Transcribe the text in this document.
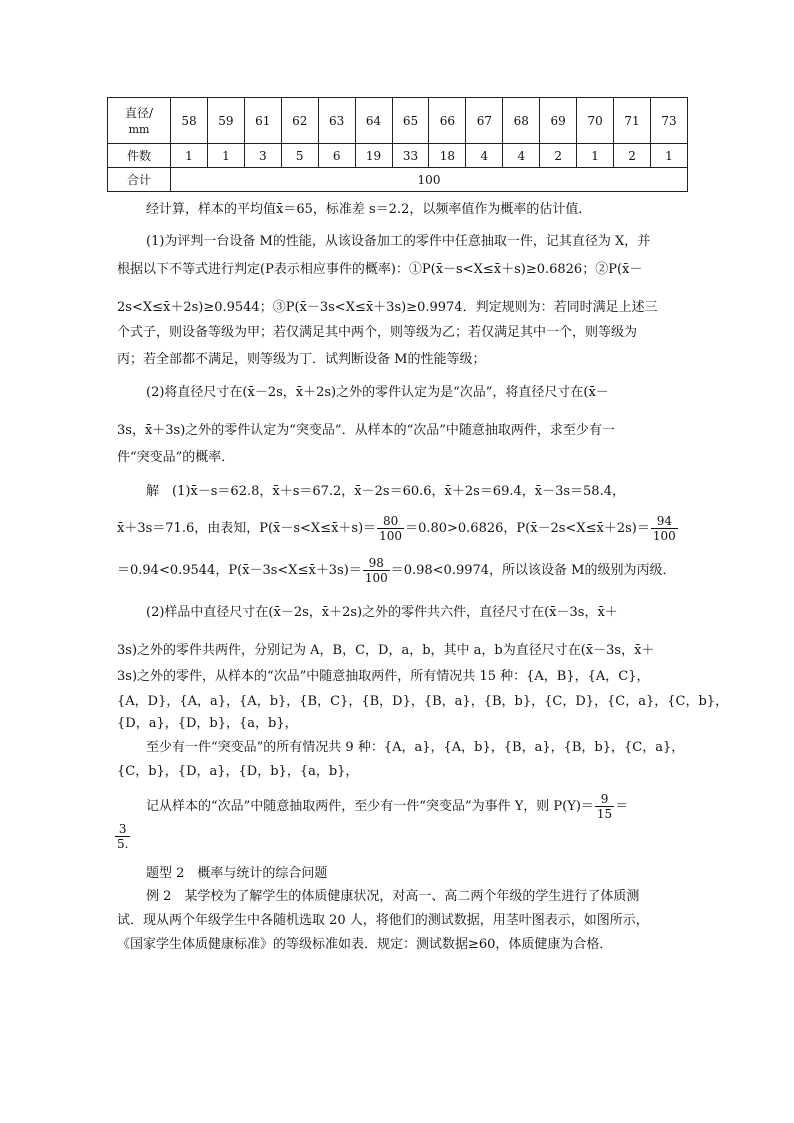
直径/
mm	58	59	61	62	63	64	65	66	67	68	69	70	71	73
件数	1	1	3	5	6	19	33	18	4	4	2	1	2	1
合计	100													
经计算，样本的平均值x̄＝65，标准差 s＝2.2，以频率值作为概率的估计值．
(1)为评判一台设备 M的性能，从该设备加工的零件中任意抽取一件，记其直径为 X，并
根据以下不等式进行判定(P表示相应事件的概率)：①P(x̄－s<X≤x̄＋s)≥0.6826；②P(x̄－
2s<X≤x̄＋2s)≥0.9544；③P(x̄－3s<X≤x̄＋3s)≥0.9974．判定规则为：若同时满足上述三
个式子，则设备等级为甲；若仅满足其中两个，则等级为乙；若仅满足其中一个，则等级为
丙；若全部都不满足，则等级为丁．试判断设备 M的性能等级；
(2)将直径尺寸在(x̄－2s，x̄＋2s)之外的零件认定为是“次品”，将直径尺寸在(x̄－
3s，x̄＋3s)之外的零件认定为“突变品”．从样本的“次品”中随意抽取两件，求至少有一
件“突变品”的概率．
解　(1)x̄－s＝62.8，x̄＋s＝67.2，x̄－2s＝60.6，x̄＋2s＝69.4，x̄－3s＝58.4，
x̄＋3s＝71.6，由表知，P(x̄－s<X≤x̄＋s)＝ $\frac{80}{100} =0.80>0.6826$，P(x̄－2s<X≤x̄＋2s)＝ $\frac{94}{100}$
＝0.94<0.9544，P(x̄－3s<X≤x̄＋3s)＝ $\frac{98}{100} =0.98<0.9974$，所以该设备 M的级别为丙级．
(2)样品中直径尺寸在(x̄－2s，x̄＋2s)之外的零件共六件，直径尺寸在(x̄－3s，x̄＋
3s)之外的零件共两件，分别记为 A，B，C，D，a，b，其中 a，b为直径尺寸在(x̄－3s，x̄＋
3s)之外的零件，从样本的“次品”中随意抽取两件，所有情况共 15 种：{A，B}，{A，C}，
{A，D}，{A，a}，{A，b}，{B，C}，{B，D}，{B，a}，{B，b}，{C，D}，{C，a}，{C，b}，
{D，a}，{D，b}，{a，b}，
至少有一件“突变品”的所有情况共 9 种：{A，a}，{A，b}，{B，a}，{B，b}，{C，a}，
{C，b}，{D，a}，{D，b}，{a，b}，
记从样本的“次品”中随意抽取两件，至少有一件“突变品”为事件 Y，则 $P(Y)= \frac{9}{15}$ ＝
$\frac{3}{5.}$
题型 2　概率与统计的综合问题
例 2　某学校为了解学生的体质健康状况，对高一、高二两个年级的学生进行了体质测
试．现从两个年级学生中各随机选取 20 人，将他们的测试数据，用茎叶图表示，如图所示，
《国家学生体质健康标准》的等级标准如表．规定：测试数据≥60，体质健康为合格．
